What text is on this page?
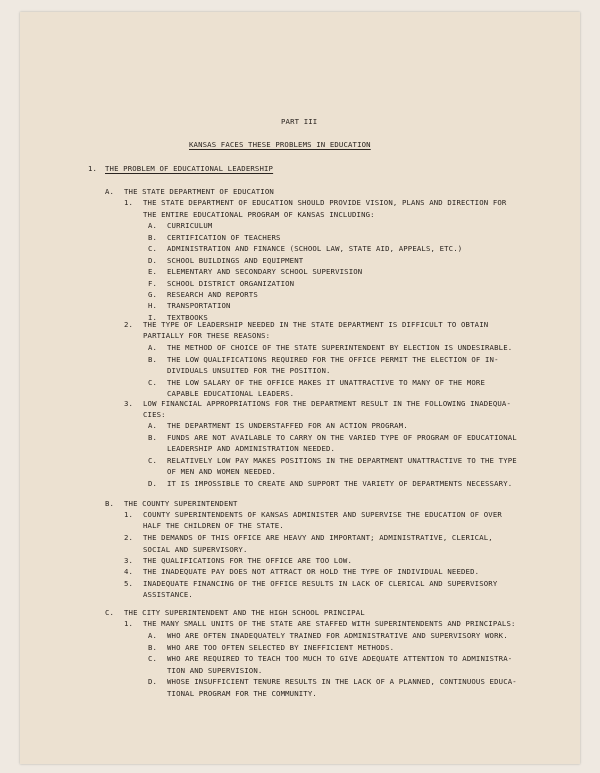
PART III
KANSAS FACES THESE PROBLEMS IN EDUCATION
1. THE PROBLEM OF EDUCATIONAL LEADERSHIP
A. THE STATE DEPARTMENT OF EDUCATION
1. THE STATE DEPARTMENT OF EDUCATION SHOULD PROVIDE VISION, PLANS AND DIRECTION FOR
THE ENTIRE EDUCATIONAL PROGRAM OF KANSAS INCLUDING:
A. CURRICULUM
B. CERTIFICATION OF TEACHERS
C. ADMINISTRATION AND FINANCE (SCHOOL LAW, STATE AID, APPEALS, ETC.)
D. SCHOOL BUILDINGS AND EQUIPMENT
E. ELEMENTARY AND SECONDARY SCHOOL SUPERVISION
F. SCHOOL DISTRICT ORGANIZATION
G. RESEARCH AND REPORTS
H. TRANSPORTATION
I. TEXTBOOKS
2. THE TYPE OF LEADERSHIP NEEDED IN THE STATE DEPARTMENT IS DIFFICULT TO OBTAIN
PARTIALLY FOR THESE REASONS:
A. THE METHOD OF CHOICE OF THE STATE SUPERINTENDENT BY ELECTION IS UNDESIRABLE.
B. THE LOW QUALIFICATIONS REQUIRED FOR THE OFFICE PERMIT THE ELECTION OF IN-
DIVIDUALS UNSUITED FOR THE POSITION.
C. THE LOW SALARY OF THE OFFICE MAKES IT UNATTRACTIVE TO MANY OF THE MORE
CAPABLE EDUCATIONAL LEADERS.
3. LOW FINANCIAL APPROPRIATIONS FOR THE DEPARTMENT RESULT IN THE FOLLOWING INADEQUA-
CIES:
A. THE DEPARTMENT IS UNDERSTAFFED FOR AN ACTION PROGRAM.
B. FUNDS ARE NOT AVAILABLE TO CARRY ON THE VARIED TYPE OF PROGRAM OF EDUCATIONAL
LEADERSHIP AND ADMINISTRATION NEEDED.
C. RELATIVELY LOW PAY MAKES POSITIONS IN THE DEPARTMENT UNATTRACTIVE TO THE TYPE
OF MEN AND WOMEN NEEDED.
D. IT IS IMPOSSIBLE TO CREATE AND SUPPORT THE VARIETY OF DEPARTMENTS NECESSARY.
B. THE COUNTY SUPERINTENDENT
1. COUNTY SUPERINTENDENTS OF KANSAS ADMINISTER AND SUPERVISE THE EDUCATION OF OVER
HALF THE CHILDREN OF THE STATE.
2. THE DEMANDS OF THIS OFFICE ARE HEAVY AND IMPORTANT; ADMINISTRATIVE, CLERICAL,
SOCIAL AND SUPERVISORY.
3. THE QUALIFICATIONS FOR THE OFFICE ARE TOO LOW.
4. THE INADEQUATE PAY DOES NOT ATTRACT OR HOLD THE TYPE OF INDIVIDUAL NEEDED.
5. INADEQUATE FINANCING OF THE OFFICE RESULTS IN LACK OF CLERICAL AND SUPERVISORY
ASSISTANCE.
C. THE CITY SUPERINTENDENT AND THE HIGH SCHOOL PRINCIPAL
1. THE MANY SMALL UNITS OF THE STATE ARE STAFFED WITH SUPERINTENDENTS AND PRINCIPALS:
A. WHO ARE OFTEN INADEQUATELY TRAINED FOR ADMINISTRATIVE AND SUPERVISORY WORK.
B. WHO ARE TOO OFTEN SELECTED BY INEFFICIENT METHODS.
C. WHO ARE REQUIRED TO TEACH TOO MUCH TO GIVE ADEQUATE ATTENTION TO ADMINISTRA-
TION AND SUPERVISION.
D. WHOSE INSUFFICIENT TENURE RESULTS IN THE LACK OF A PLANNED, CONTINUOUS EDUCA-
TIONAL PROGRAM FOR THE COMMUNITY.
